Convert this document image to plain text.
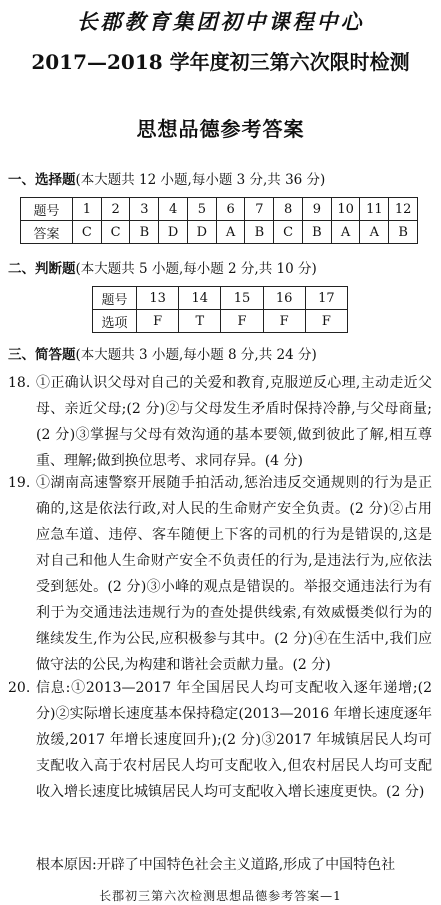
长郡教育集团初中课程中心
2017—2018 学年度初三第六次限时检测
思想品德参考答案
一、选择题(本大题共 12 小题,每小题 3 分,共 36 分)
题号	1	2	3	4	5	6	7	8	9	10	11	12
答案	C	C	B	D	D	A	B	C	B	A	A	B
二、判断题(本大题共 5 小题,每小题 2 分,共 10 分)
题号	13	14	15	16	17
选项	F	T	F	F	F
三、简答题(本大题共 3 小题,每小题 8 分,共 24 分)
18. ①正确认识父母对自己的关爱和教育,克服逆反心理,主动走近父母、亲近父母;(2 分)②与父母发生矛盾时保持冷静,与父母商量;(2 分)③掌握与父母有效沟通的基本要领,做到彼此了解,相互尊重、理解;做到换位思考、求同存异。(4 分)
19. ①湖南高速警察开展随手拍活动,惩治违反交通规则的行为是正确的,这是依法行政,对人民的生命财产安全负责。(2 分)②占用应急车道、违停、客车随便上下客的司机的行为是错误的,这是对自己和他人生命财产安全不负责任的行为,是违法行为,应依法受到惩处。(2 分)③小峰的观点是错误的。举报交通违法行为有利于为交通违法违规行为的查处提供线索,有效威慑类似行为的继续发生,作为公民,应积极参与其中。(2 分)④在生活中,我们应做守法的公民,为构建和谐社会贡献力量。(2 分)
20. 信息:①2013—2017 年全国居民人均可支配收入逐年递增;(2 分)②实际增长速度基本保持稳定(2013—2016 年增长速度逐年放缓,2017 年增长速度回升);(2 分)③2017 年城镇居民人均可支配收入高于农村居民人均可支配收入,但农村居民人均可支配收入增长速度比城镇居民人均可支配收入增长速度更快。(2 分)
根本原因:开辟了中国特色社会主义道路,形成了中国特色社
长郡初三第六次检测思想品德参考答案—1
